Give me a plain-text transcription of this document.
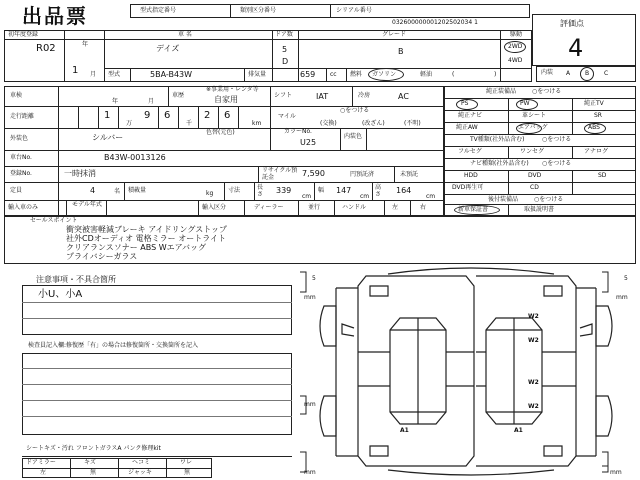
出品票	型式指定番号	類別区分番号	シリアル番号
032600000001202502034 1	評価点
4
初年度登録
R02	年
1 月
車 名
デイズ
ドア数
5
D
グレード
B
駆動
2WD
4WD
型式	5BA-B43W	排気量	659 cc 燃料 ガソリン	軽油	(	)	内装 A B C
車検
年	月
車歴
※事業用・レンタ等
自家用	シフト	IAT	冷房	AC
走行距離	1	9 6	2 6
万	千	km
マイル
○をつける
(交換)	(改ざん)	(不明)
外装色	シルバー
色替(元色)	カラーNo.
U25
内装色
車台No.	B43W-0013126
登録No.	一時抹消	リサイクル預託金	7,590	円預託済	未預託
定員	4	名 積載量	kg 寸法	長さ	339
cm
幅 147
cm
高さ	164
cm
輸入車のみ	モデル年式	輸入区分	ディーラー	並行	ハンドル	左	右
純正装備品	○をつける
PS	PW	純正TV
純正ナビ	革シート	SR
純正AW	エアバッグ	ABS
TV種類(社外品含む)	○をつける
フルセグ	ワンセグ	アナログ
ナビ種類(社外品含む) ○をつける
HDD	DVD	SD
DVD再生可	CD
後付装備品	○をつける
新車保証書	取扱説明書
セールスポイント
衝突被害軽減ブレーキ アイドリングストップ
社外CDオーディオ 電格ミラー オートライト
クリアランスソナー ABS Wエアバッグ
プライバシーガラス
注意事項・不具合箇所
小U、小A
検査員記入欄:修復歴「有」の場合は修復箇所・交換箇所を記入
シートキズ・汚れ フロントガラスA パンク修理kit
ドアミラー	キズ	ヘコミ	ワレ
左	無	ジャッキ	無
5
mm
5
mm
mm
mm	mm
W2
W2
W2
W2
A1	A1
